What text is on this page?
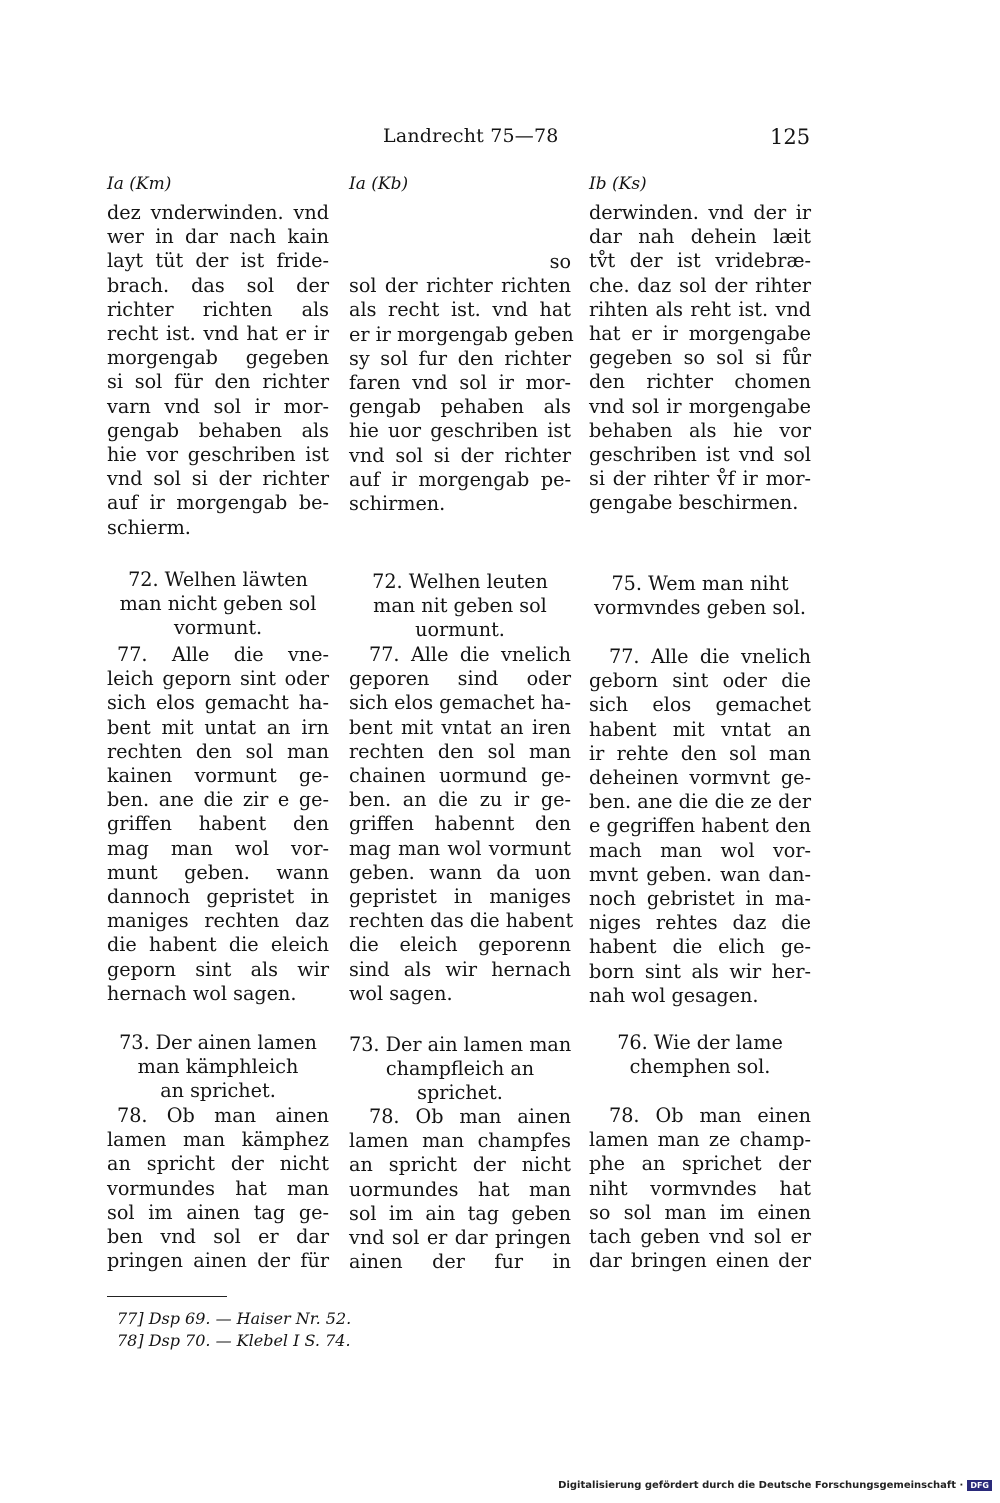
Landrecht 75—78	125
Ia (Km)
dez vnderwinden. vnd
wer in dar nach kain
layt tüt der ist fride-
brach. das sol der
richter richten als
recht ist. vnd hat er ir
morgengab gegeben
si sol für den richter
varn vnd sol ir mor-
gengab behaben als
hie vor geschriben ist
vnd sol si der richter
auf ir morgengab be-
schierm.
72. Welhen läwten
man nicht geben sol
vormunt.
77. Alle die vne-
leich geporn sint oder
sich elos gemacht ha-
bent mit untat an irn
rechten den sol man
kainen vormunt ge-
ben. ane die zir e ge-
griffen habent den
mag man wol vor-
munt geben. wann
dannoch gepristet in
maniges rechten daz
die habent die eleich
geporn sint als wir
hernach wol sagen.
73. Der ainen lamen
man kämphleich
an sprichet.
78. Ob man ainen
lamen man kämphez
an spricht der nicht
vormundes hat man
sol im ainen tag ge-
ben vnd sol er dar
pringen ainen der für
Ia (Kb)
so
sol der richter richten
als recht ist. vnd hat
er ir morgengab geben
sy sol fur den richter
faren vnd sol ir mor-
gengab pehaben als
hie uor geschriben ist
vnd sol si der richter
auf ir morgengab pe-
schirmen.
72. Welhen leuten
man nit geben sol
uormunt.
77. Alle die vnelich
geporen sind oder
sich elos gemachet ha-
bent mit vntat an iren
rechten den sol man
chainen uormund ge-
ben. an die zu ir ge-
griffen habennt den
mag man wol vormunt
geben. wann da uon
gepristet in maniges
rechten das die habent
die eleich geporenn
sind als wir hernach
wol sagen.
73. Der ain lamen man
champfleich an
sprichet.
78. Ob man ainen
lamen man champfes
an spricht der nicht
uormundes hat man
sol im ain tag geben
vnd sol er dar pringen
ainen der fur in
Ib (Ks)
derwinden. vnd der ir
dar nah dehein læit
tv̊t der ist vridebræ-
che. daz sol der rihter
rihten als reht ist. vnd
hat er ir morgengabe
gegeben so sol si fůr
den richter chomen
vnd sol ir morgengabe
behaben als hie vor
geschriben ist vnd sol
si der rihter v̊f ir mor-
gengabe beschirmen.
75. Wem man niht
vormvndes geben sol.
77. Alle die vnelich
geborn sint oder die
sich elos gemachet
habent mit vntat an
ir rehte den sol man
deheinen vormvnt ge-
ben. ane die die ze der
e gegriffen habent den
mach man wol vor-
mvnt geben. wan dan-
noch gebristet in ma-
niges rehtes daz die
habent die elich ge-
born sint als wir her-
nah wol gesagen.
76. Wie der lame
chemphen sol.
78. Ob man einen
lamen man ze champ-
phe an sprichet der
niht vormvndes hat
so sol man im einen
tach geben vnd sol er
dar bringen einen der
77] Dsp 69. — Haiser Nr. 52.
78] Dsp 70. — Klebel I S. 74.
Digitalisierung gefördert durch die Deutsche Forschungsgemeinschaft · DFG
